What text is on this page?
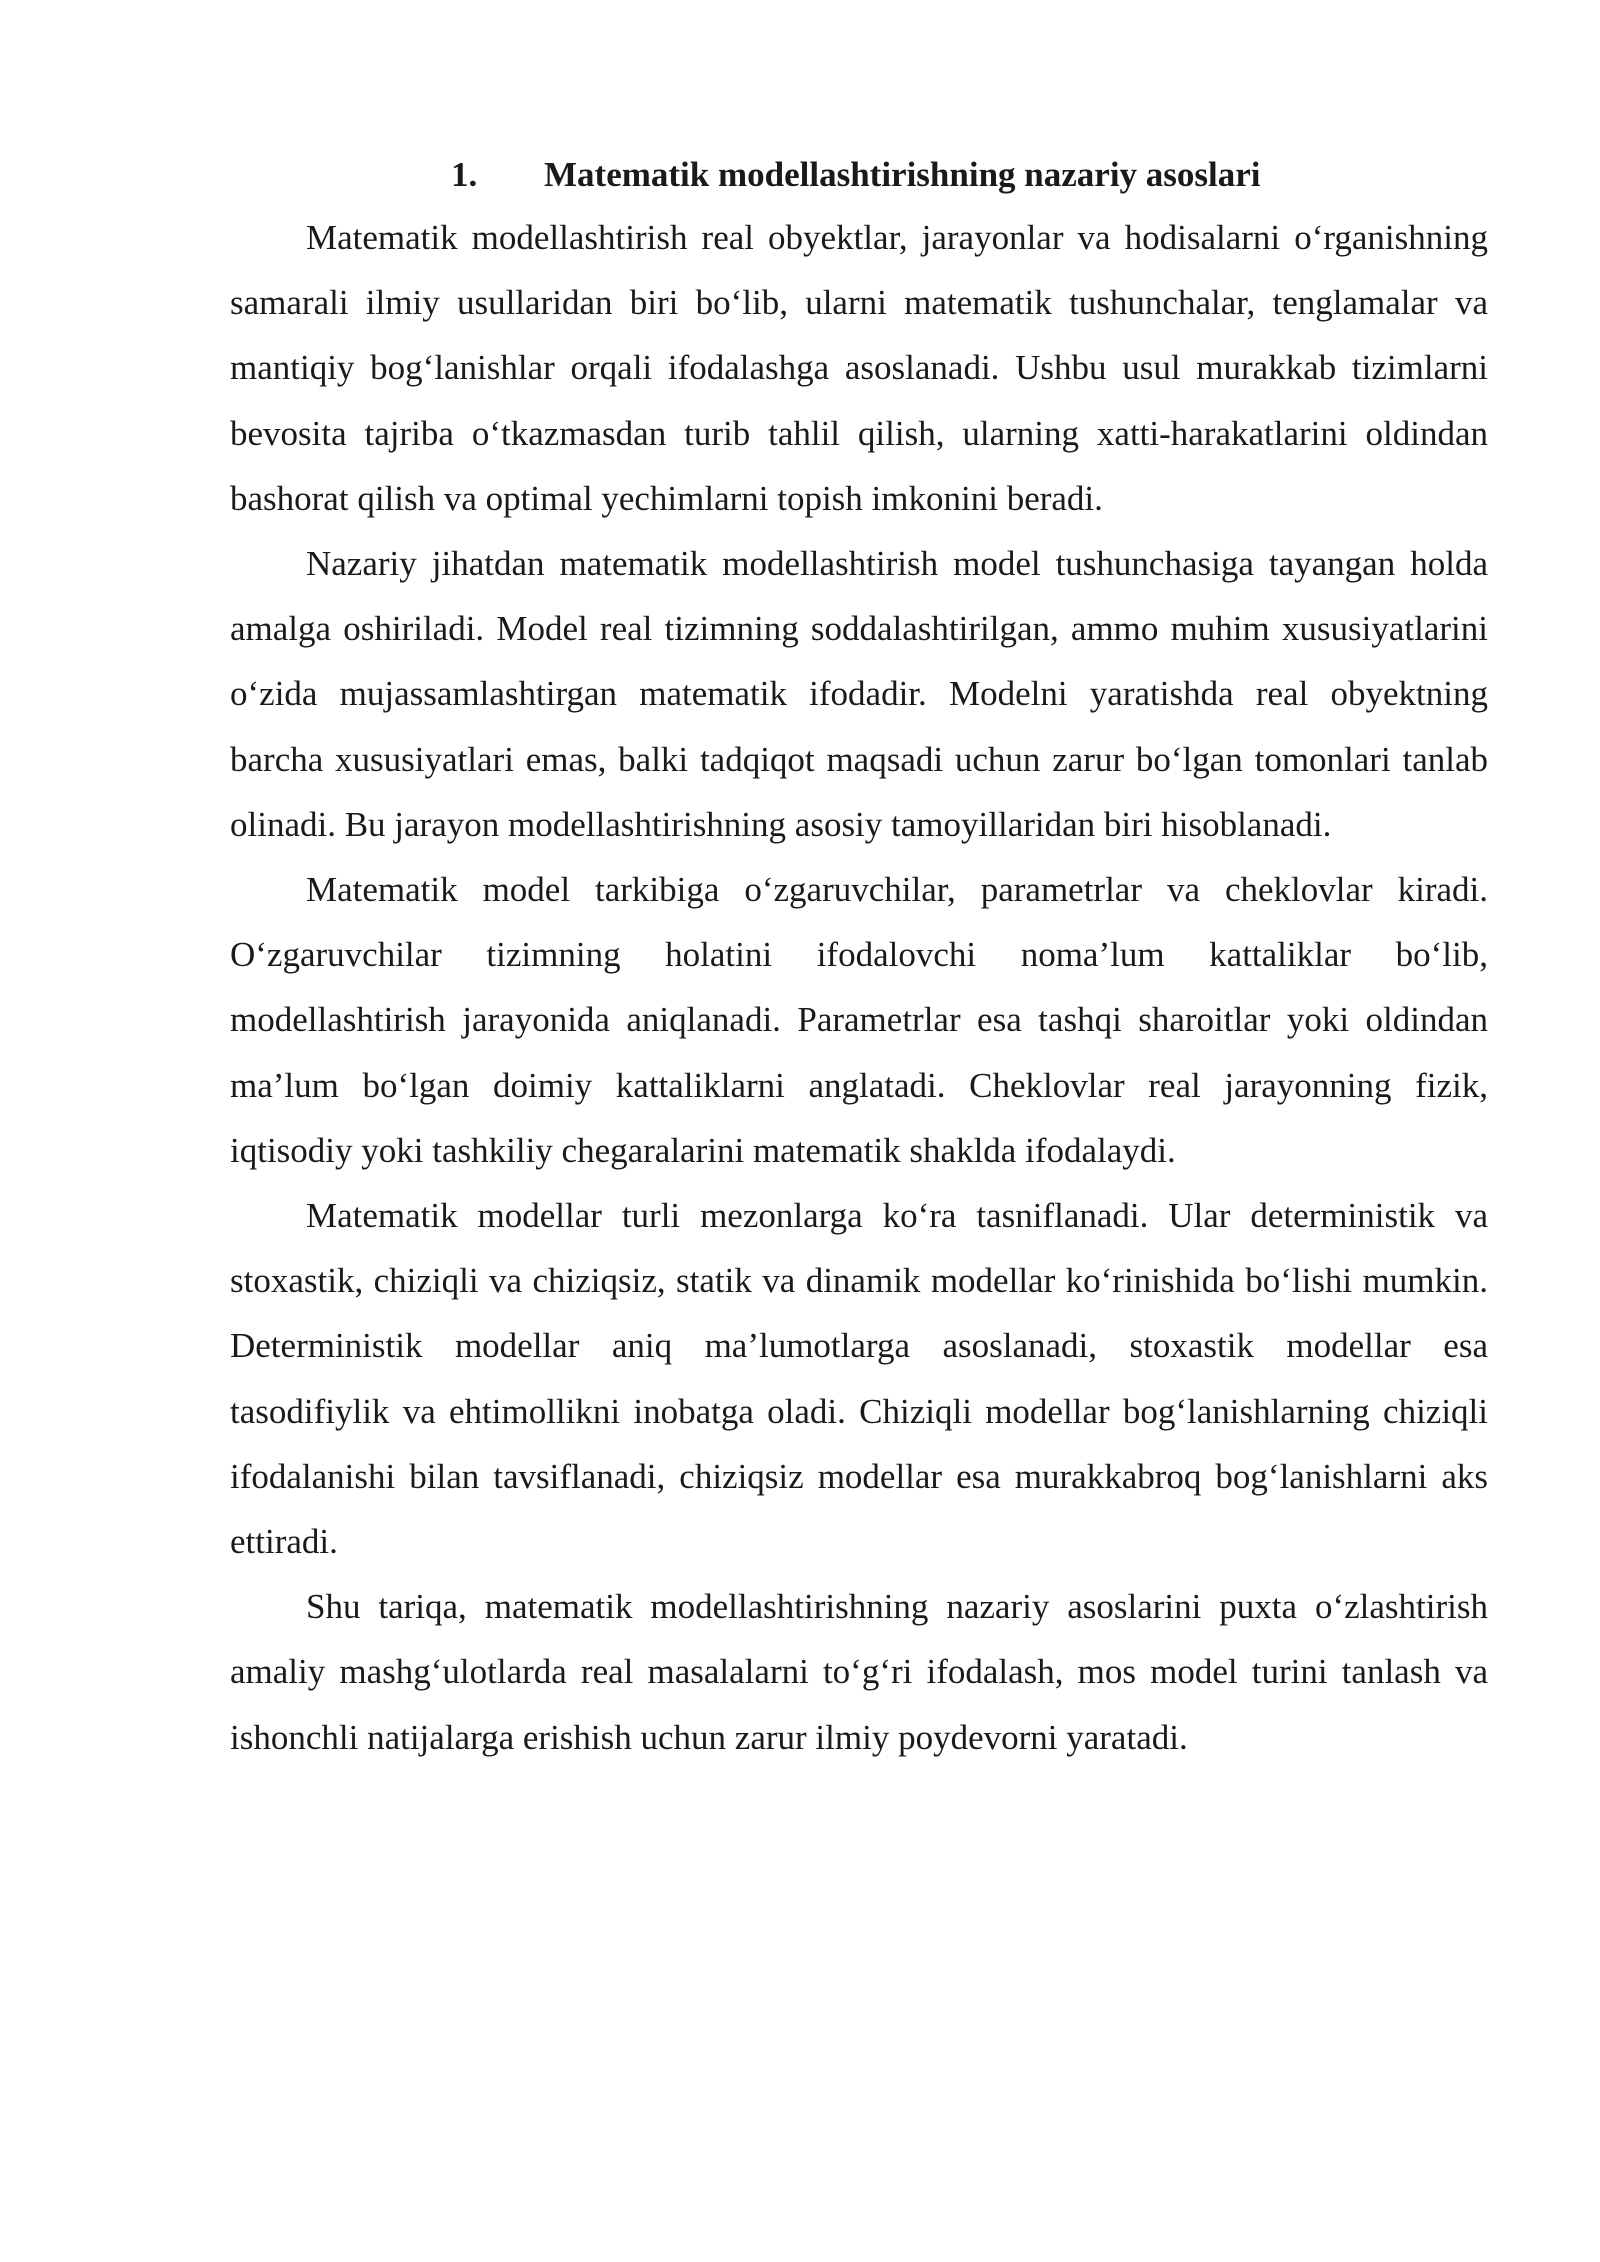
1. Matematik modellashtirishning nazariy asoslari

Matematik modellashtirish real obyektlar, jarayonlar va hodisalarni o‘rganishning samarali ilmiy usullaridan biri bo‘lib, ularni matematik tushunchalar, tenglamalar va mantiqiy bog‘lanishlar orqali ifodalashga asoslanadi. Ushbu usul murakkab tizimlarni bevosita tajriba o‘tkazmasdan turib tahlil qilish, ularning xatti-harakatlarini oldindan bashorat qilish va optimal yechimlarni topish imkonini beradi.

Nazariy jihatdan matematik modellashtirish model tushunchasiga tayangan holda amalga oshiriladi. Model real tizimning soddalashtirilgan, ammo muhim xususiyatlarini o‘zida mujassamlashtirgan matematik ifodadir. Modelni yaratishda real obyektning barcha xususiyatlari emas, balki tadqiqot maqsadi uchun zarur bo‘lgan tomonlari tanlab olinadi. Bu jarayon modellashtirishning asosiy tamoyillaridan biri hisoblanadi.

Matematik model tarkibiga o‘zgaruvchilar, parametrlar va cheklovlar kiradi. O‘zgaruvchilar tizimning holatini ifodalovchi noma’lum kattaliklar bo‘lib, modellashtirish jarayonida aniqlanadi. Parametrlar esa tashqi sharoitlar yoki oldindan ma’lum bo‘lgan doimiy kattaliklarni anglatadi. Cheklovlar real jarayonning fizik, iqtisodiy yoki tashkiliy chegaralarini matematik shaklda ifodalaydi.

Matematik modellar turli mezonlarga ko‘ra tasniflanadi. Ular deterministik va stoxastik, chiziqli va chiziqsiz, statik va dinamik modellar ko‘rinishida bo‘lishi mumkin. Deterministik modellar aniq ma’lumotlarga asoslanadi, stoxastik modellar esa tasodifiylik va ehtimollikni inobatga oladi. Chiziqli modellar bog‘lanishlarning chiziqli ifodalanishi bilan tavsiflanadi, chiziqsiz modellar esa murakkabroq bog‘lanishlarni aks ettiradi.

Shu tariqa, matematik modellashtirishning nazariy asoslarini puxta o‘zlashtirish amaliy mashg‘ulotlarda real masalalarni to‘g‘ri ifodalash, mos model turini tanlash va ishonchli natijalarga erishish uchun zarur ilmiy poydevorni yaratadi.
